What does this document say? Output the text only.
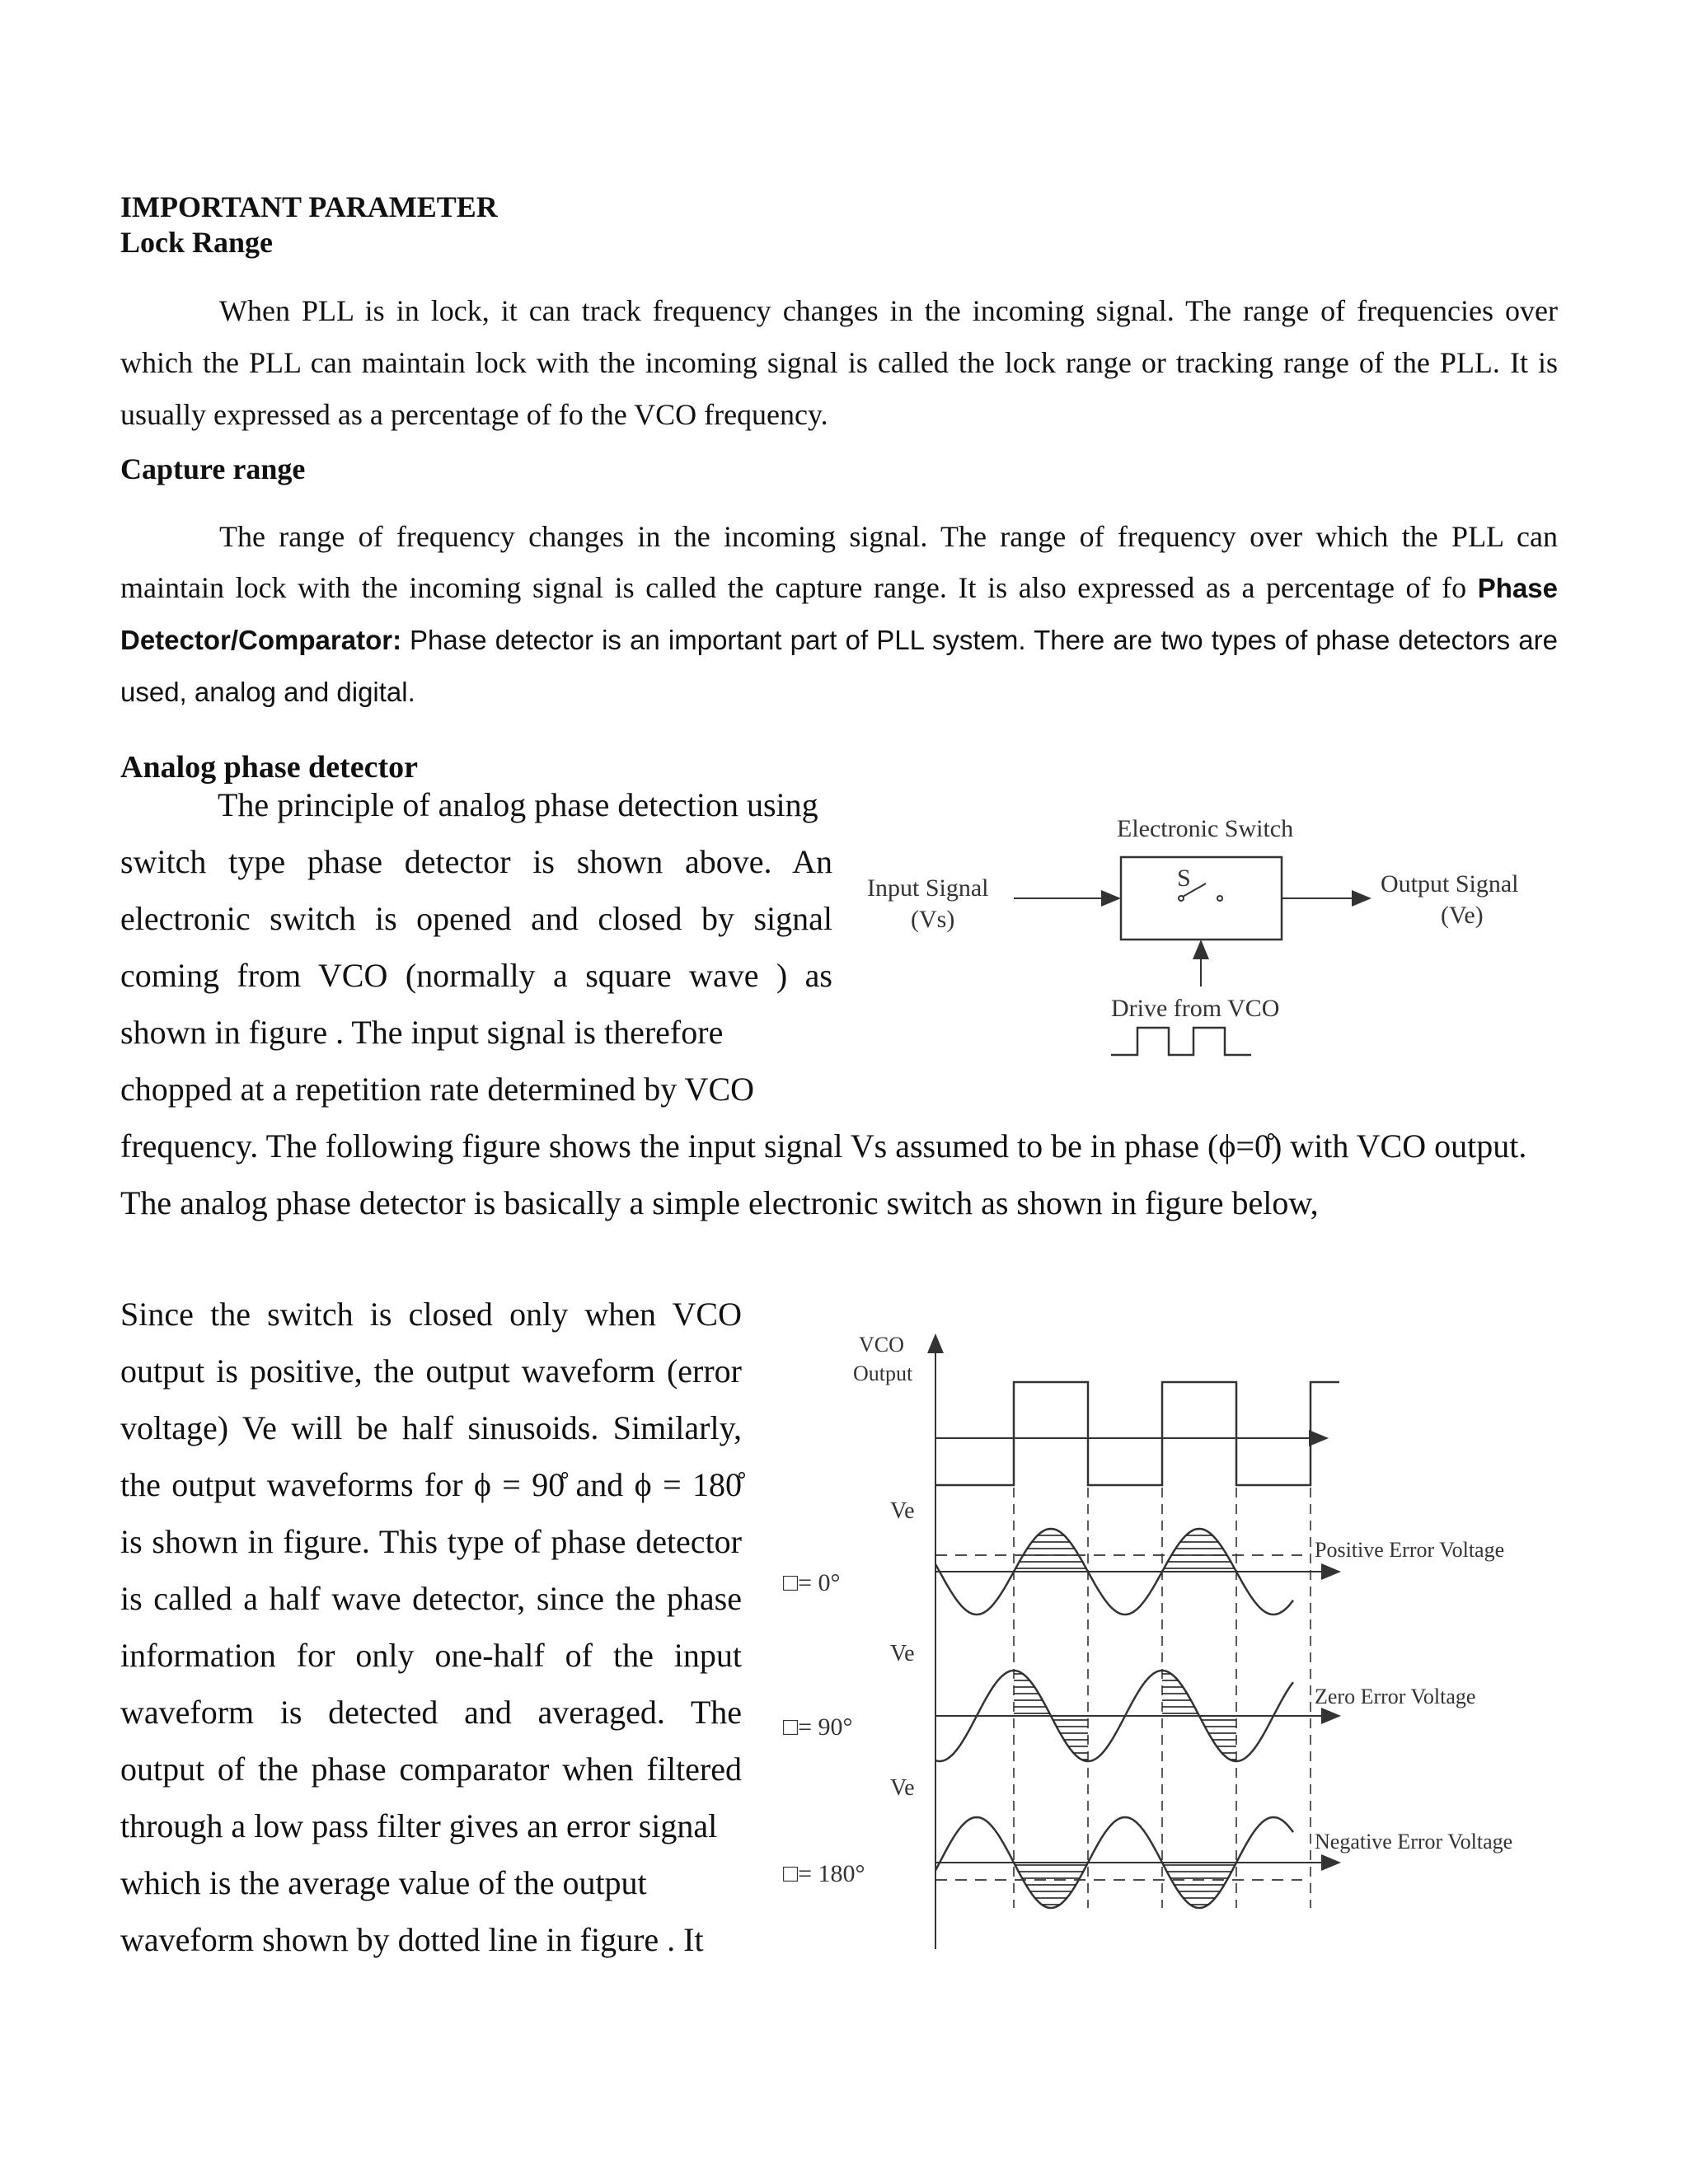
IMPORTANT PARAMETER
Lock Range

When PLL is in lock, it can track frequency changes in the incoming signal. The range of frequencies over which the PLL can maintain lock with the incoming signal is called the lock range or tracking range of the PLL. It is usually expressed as a percentage of fo the VCO frequency.

Capture range

The range of frequency changes in the incoming signal. The range of frequency over which the PLL can maintain lock with the incoming signal is called the capture range. It is also expressed as a percentage of fo Phase Detector/Comparator: Phase detector is an important part of PLL system. There are two types of phase detectors are used, analog and digital.

Analog phase detector
The principle of analog phase detection using
switch type phase detector is shown above. An
electronic switch is opened and closed by signal
coming from VCO (normally a square wave ) as
shown in figure . The input signal is therefore
chopped at a repetition rate determined by VCO
frequency. The following figure shows the input signal Vs assumed to be in phase (ϕ=0̊) with VCO output.
The analog phase detector is basically a simple electronic switch as shown in figure below,
Electronic Switch
S
Input Signal
(Vs)
Output Signal
(Ve)
Drive from VCO
Since the switch is closed only when VCO
output is positive, the output waveform (error
voltage) Ve will be half sinusoids. Similarly,
the output waveforms for ϕ = 90̊ and ϕ = 180̊
is shown in figure. This type of phase detector
is called a half wave detector, since the phase
information for only one-half of the input
waveform is detected and averaged. The
output of the phase comparator when filtered
through a low pass filter gives an error signal
which is the average value of the output
waveform shown by dotted line in figure . It
VCO
Output
Ve
Ve
Ve
□= 0°
□= 90°
□= 180°
Positive Error Voltage
Zero Error Voltage
Negative Error Voltage
